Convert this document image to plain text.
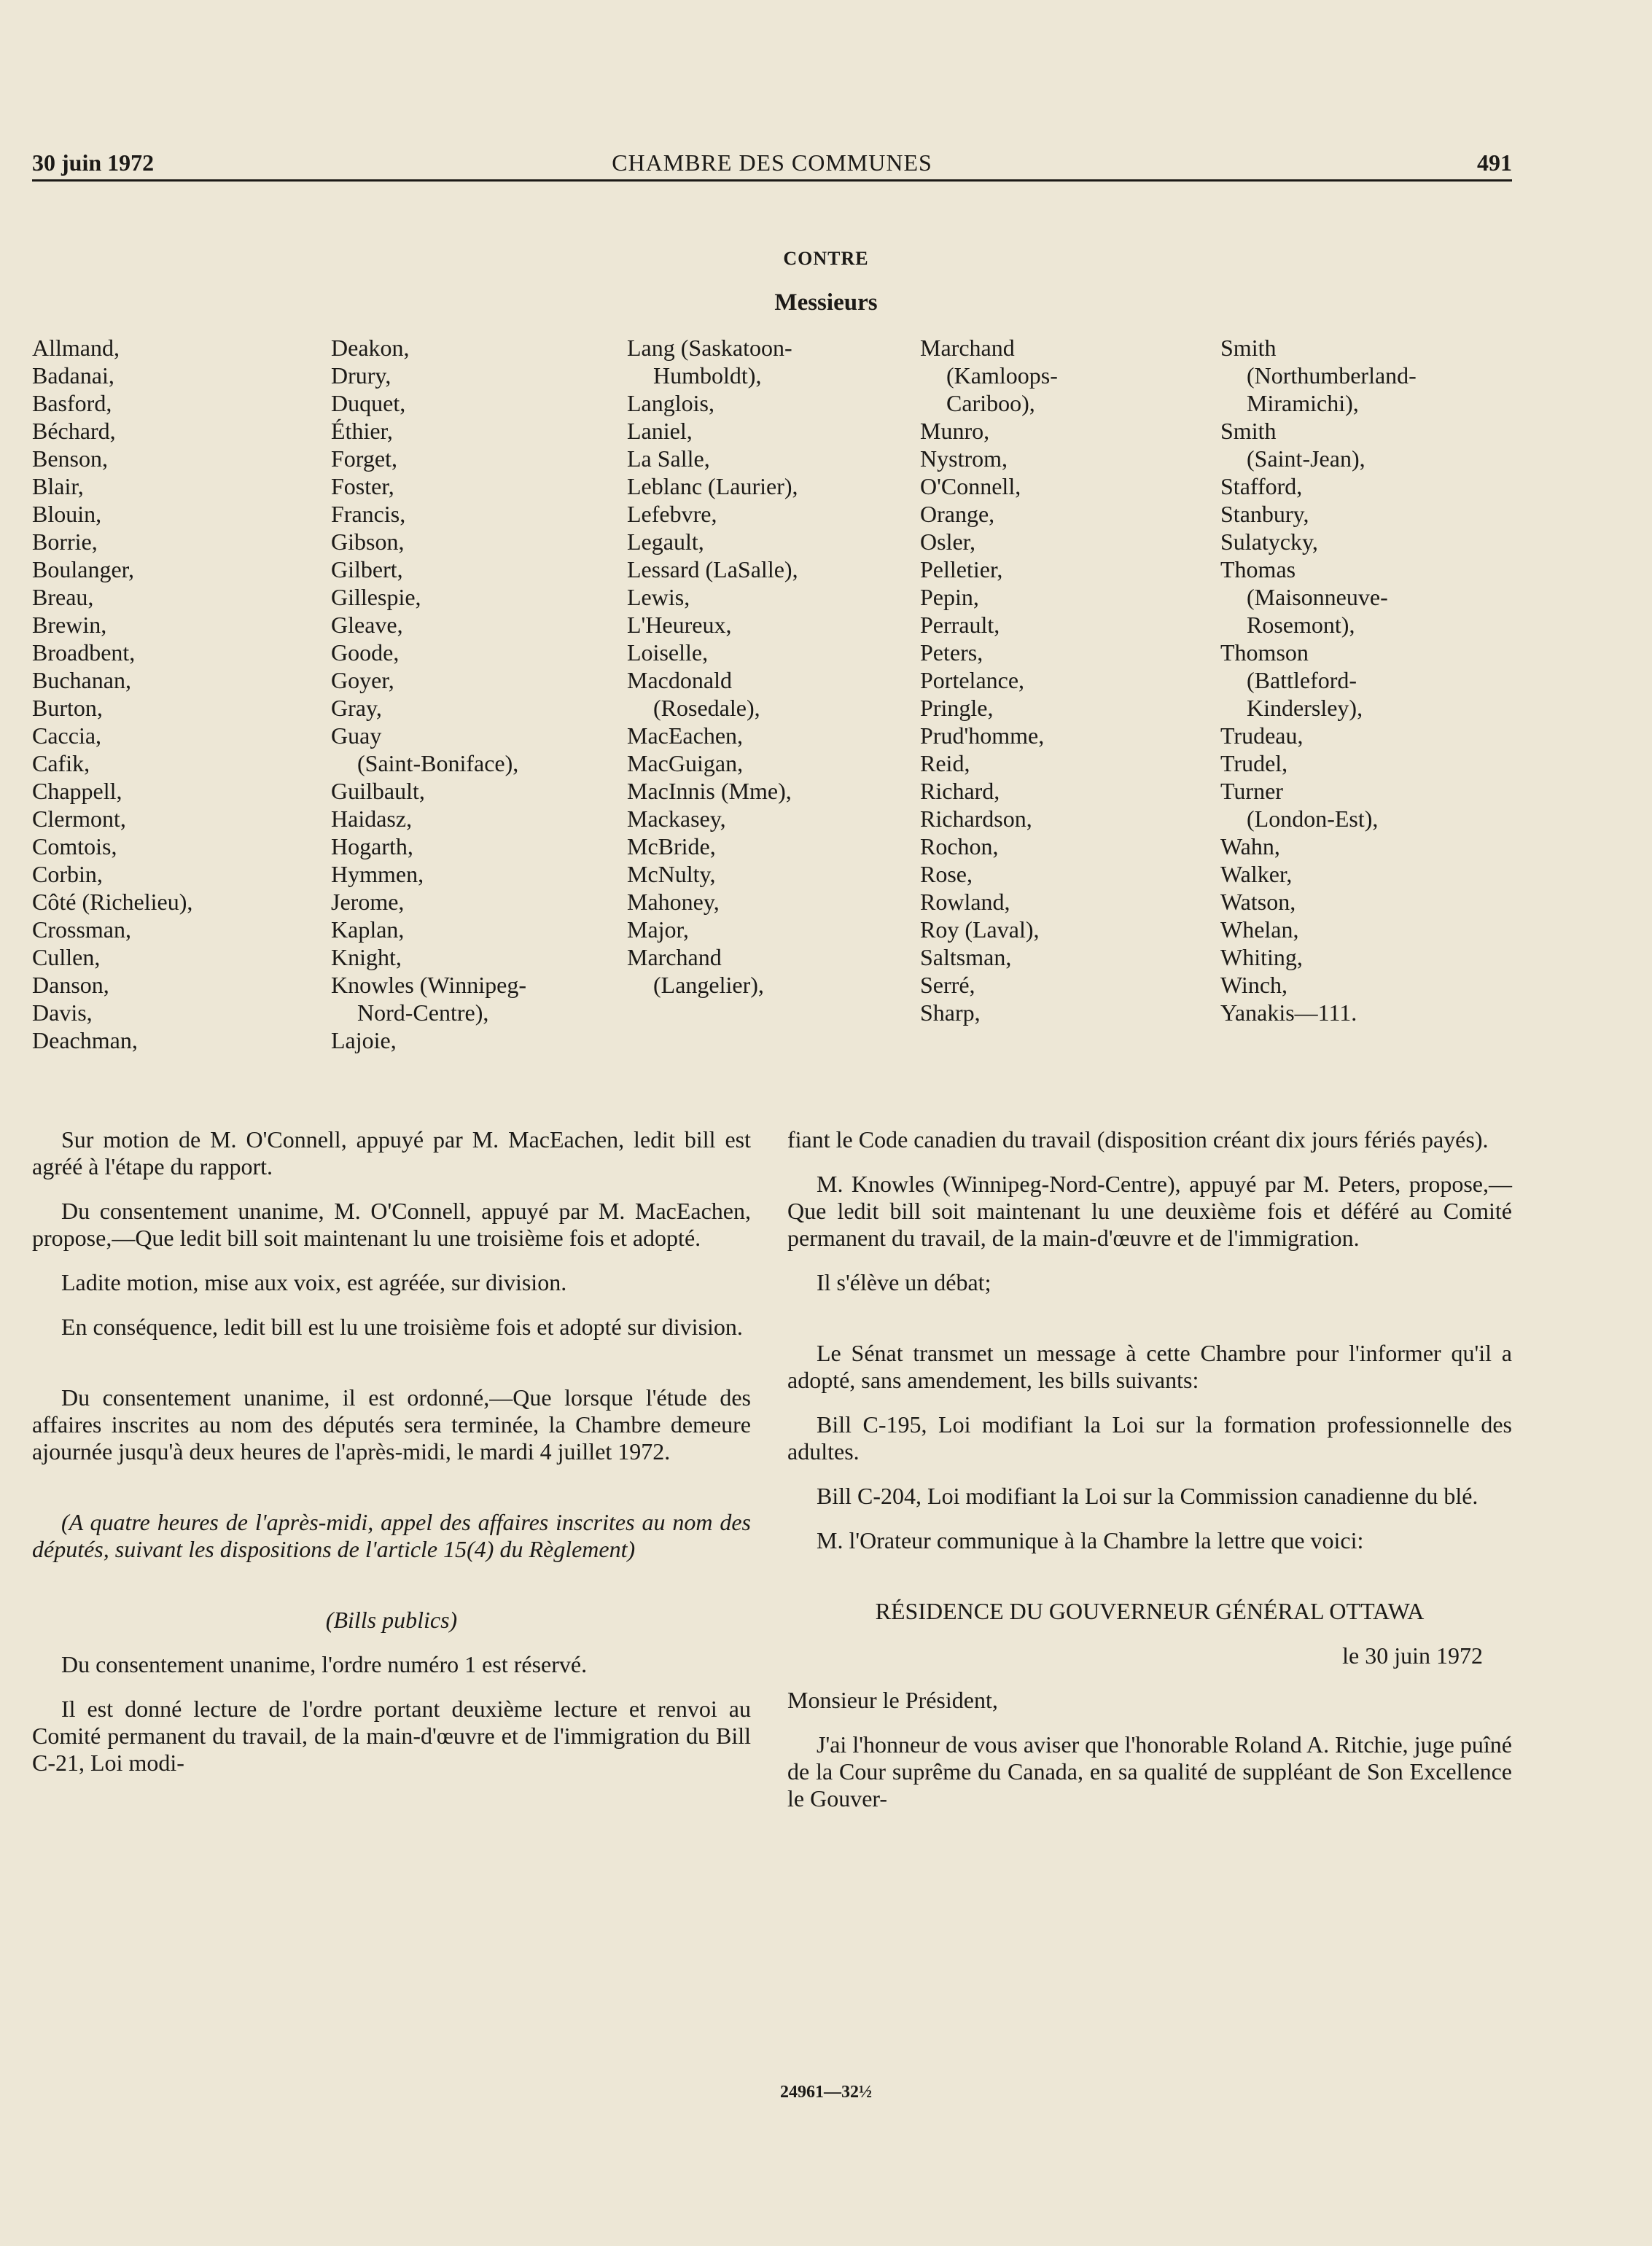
CHAMBRE DES COMMUNES
30 juin 1972	491
CONTRE
Messieurs
Allmand,
Badanai,
Basford,
Béchard,
Benson,
Blair,
Blouin,
Borrie,
Boulanger,
Breau,
Brewin,
Broadbent,
Buchanan,
Burton,
Caccia,
Cafik,
Chappell,
Clermont,
Comtois,
Corbin,
Côté (Richelieu),
Crossman,
Cullen,
Danson,
Davis,
Deachman,
Deakon,
Drury,
Duquet,
Éthier,
Forget,
Foster,
Francis,
Gibson,
Gilbert,
Gillespie,
Gleave,
Goode,
Goyer,
Gray,
Guay
(Saint-Boniface),
Guilbault,
Haidasz,
Hogarth,
Hymmen,
Jerome,
Kaplan,
Knight,
Knowles (Winnipeg-
Nord-Centre),
Lajoie,
Lang (Saskatoon-
Humboldt),
Langlois,
Laniel,
La Salle,
Leblanc (Laurier),
Lefebvre,
Legault,
Lessard (LaSalle),
Lewis,
L'Heureux,
Loiselle,
Macdonald
(Rosedale),
MacEachen,
MacGuigan,
MacInnis (Mme),
Mackasey,
McBride,
McNulty,
Mahoney,
Major,
Marchand
(Langelier),
Marchand
(Kamloops-
Cariboo),
Munro,
Nystrom,
O'Connell,
Orange,
Osler,
Pelletier,
Pepin,
Perrault,
Peters,
Portelance,
Pringle,
Prud'homme,
Reid,
Richard,
Richardson,
Rochon,
Rose,
Rowland,
Roy (Laval),
Saltsman,
Serré,
Sharp,
Smith
(Northumberland-
Miramichi),
Smith
(Saint-Jean),
Stafford,
Stanbury,
Sulatycky,
Thomas
(Maisonneuve-
Rosemont),
Thomson
(Battleford-
Kindersley),
Trudeau,
Trudel,
Turner
(London-Est),
Wahn,
Walker,
Watson,
Whelan,
Whiting,
Winch,
Yanakis—111.

Sur motion de M. O'Connell, appuyé par M. MacEachen, ledit bill est agréé à l'étape du rapport.

Du consentement unanime, M. O'Connell, appuyé par M. MacEachen, propose,—Que ledit bill soit maintenant lu une troisième fois et adopté.

Ladite motion, mise aux voix, est agréée, sur division.

En conséquence, ledit bill est lu une troisième fois et adopté sur division.

Du consentement unanime, il est ordonné,—Que lorsque l'étude des affaires inscrites au nom des députés sera terminée, la Chambre demeure ajournée jusqu'à deux heures de l'après-midi, le mardi 4 juillet 1972.

(A quatre heures de l'après-midi, appel des affaires inscrites au nom des députés, suivant les dispositions de l'article 15(4) du Règlement)

(Bills publics)

Du consentement unanime, l'ordre numéro 1 est réservé.

Il est donné lecture de l'ordre portant deuxième lecture et renvoi au Comité permanent du travail, de la main-d'œuvre et de l'immigration du Bill C-21, Loi modi-

fiant le Code canadien du travail (disposition créant dix jours fériés payés).

M. Knowles (Winnipeg-Nord-Centre), appuyé par M. Peters, propose,—Que ledit bill soit maintenant lu une deuxième fois et déféré au Comité permanent du travail, de la main-d'œuvre et de l'immigration.

Il s'élève un débat;

Le Sénat transmet un message à cette Chambre pour l'informer qu'il a adopté, sans amendement, les bills suivants:

Bill C-195, Loi modifiant la Loi sur la formation professionnelle des adultes.

Bill C-204, Loi modifiant la Loi sur la Commission canadienne du blé.

M. l'Orateur communique à la Chambre la lettre que voici:

RÉSIDENCE DU GOUVERNEUR GÉNÉRAL OTTAWA

le 30 juin 1972

Monsieur le Président,

J'ai l'honneur de vous aviser que l'honorable Roland A. Ritchie, juge puîné de la Cour suprême du Canada, en sa qualité de suppléant de Son Excellence le Gouver-

24961—32½
